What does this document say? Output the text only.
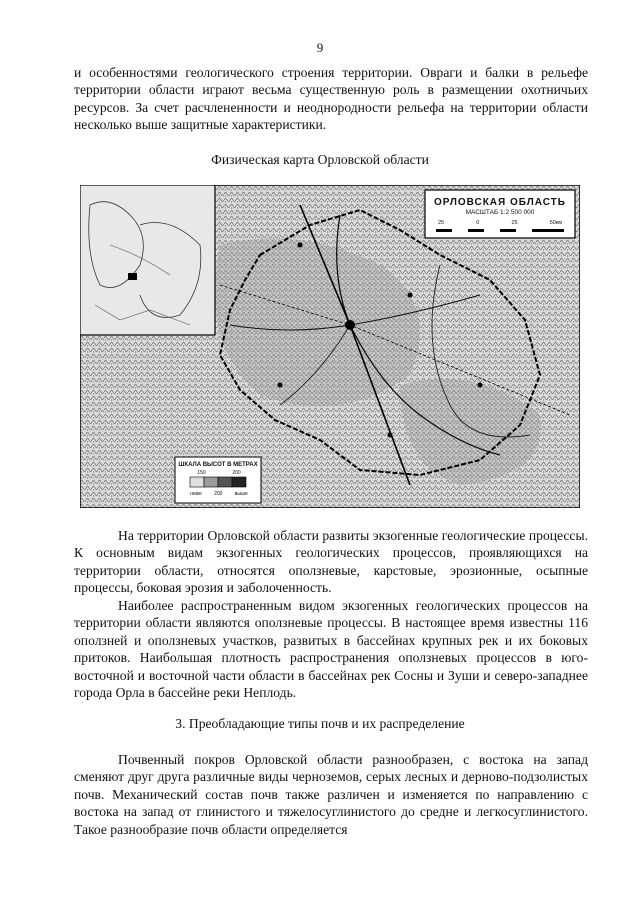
9

и особенностями геологического строения территории. Овраги и балки в рельефе территории области играют весьма существенную роль в размещении охотничьих ресурсов. За счет расчлененности и неоднородности рельефа на территории области несколько выше защитные характеристики.

Физическая карта Орловской области
ОРЛОВСКАЯ ОБЛАСТЬ
МАСШТАБ 1:2 500 000
25	0	25	50км
ШКАЛА ВЫСОТ В МЕТРАХ
150	200
ниже 200 выше

На территории Орловской области развиты экзогенные геологические процессы. К основным видам экзогенных геологических процессов, проявляющихся на территории области, относятся оползневые, карстовые, эрозионные, осыпные процессы, боковая эрозия и заболоченность.

Наиболее распространенным видом экзогенных геологических процессов на территории области являются оползневые процессы. В настоящее время известны 116 оползней и оползневых участков, развитых в бассейнах крупных рек и их боковых притоков. Наибольшая плотность распространения оползневых процессов в юго-восточной и восточной части области в бассейнах рек Сосны и Зуши и северо-западнее города Орла в бассейне реки Неплодь.

3. Преобладающие типы почв и их распределение

Почвенный покров Орловской области разнообразен, с востока на запад сменяют друг друга различные виды черноземов, серых лесных и дерново-подзолистых почв. Механический состав почв также различен и изменяется по направлению с востока на запад от глинистого и тяжелосуглинистого до средне и легкосуглинистого. Такое разнообразие почв области определяется
